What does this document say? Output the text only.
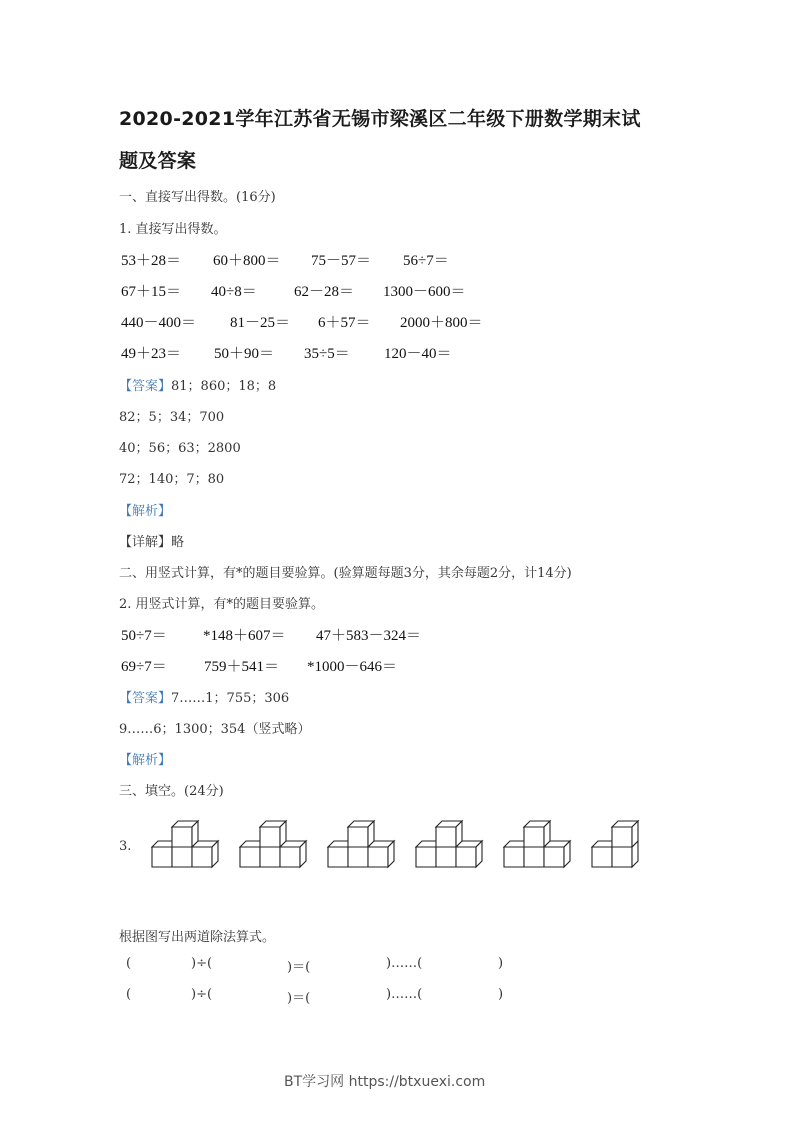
2020-2021学年江苏省无锡市梁溪区二年级下册数学期末试
题及答案
一、直接写出得数。(16分)
1. 直接写出得数。
53＋28＝ 60＋800＝ 75－57＝ 56÷7＝
67＋15＝ 40÷8＝ 62－28＝ 1300－600＝
440－400＝ 81－25＝ 6＋57＝ 2000＋800＝
49＋23＝ 50＋90＝ 35÷5＝ 120－40＝
【答案】81；860；18；8
82；5；34；700
40；56；63；2800
72；140；7；80
【解析】
【详解】略
二、用竖式计算，有*的题目要验算。(验算题每题3分，其余每题2分，计14分)
2. 用竖式计算，有*的题目要验算。
50÷7＝ *148＋607＝ 47＋583－324＝
69÷7＝ 759＋541＝ *1000－646＝
【答案】7……1；755；306
9……6；1300；354（竖式略）
【解析】
三、填空。(24分)
3.
根据图写出两道除法算式。
(	)÷(	)＝(	)……(	)
(	)÷(	)＝(	)……(	)
BT学习网 https://btxuexi.com
